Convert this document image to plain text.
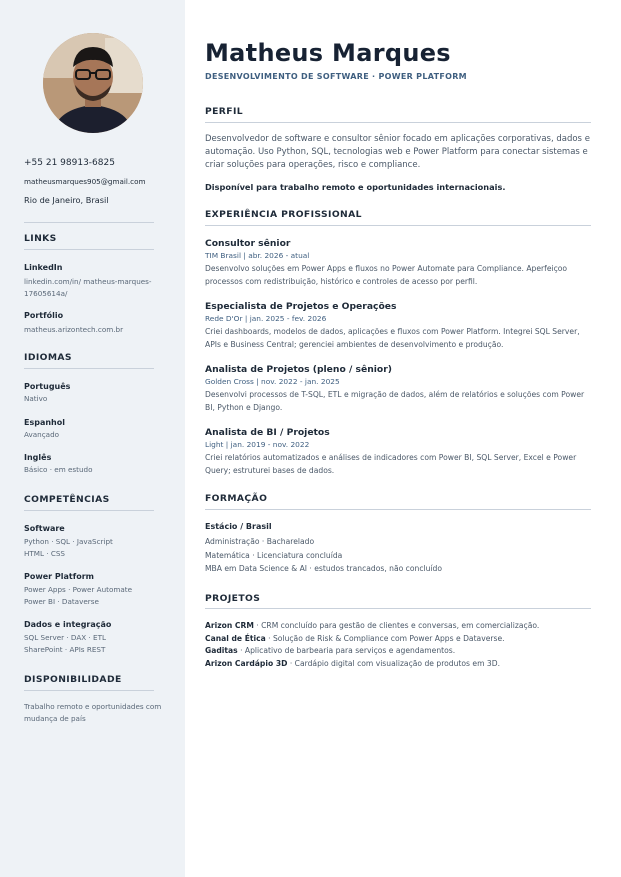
+55 21 98913-6825
matheusmarques905@gmail.com
Rio de Janeiro, Brasil
LINKS
LinkedIn
linkedin.com/in/ matheus-marques-17605614a/
Portfólio
matheus.arizontech.com.br
IDIOMAS
Português
Nativo
Espanhol
Avançado
Inglês
Básico · em estudo
COMPETÊNCIAS
Software
Python · SQL · JavaScript
HTML · CSS
Power Platform
Power Apps · Power Automate
Power BI · Dataverse
Dados e integração
SQL Server · DAX · ETL
SharePoint · APIs REST
DISPONIBILIDADE
Trabalho remoto e oportunidades com mudança de país
Matheus Marques
DESENVOLVIMENTO DE SOFTWARE · POWER PLATFORM
PERFIL
Desenvolvedor de software e consultor sênior focado em aplicações corporativas, dados e automação. Uso Python, SQL, tecnologias web e Power Platform para conectar sistemas e criar soluções para operações, risco e compliance.
Disponível para trabalho remoto e oportunidades internacionais.
EXPERIÊNCIA PROFISSIONAL
Consultor sênior
TIM Brasil | abr. 2026 - atual
Desenvolvo soluções em Power Apps e fluxos no Power Automate para Compliance. Aperfeiçoo processos com redistribuição, histórico e controles de acesso por perfil.
Especialista de Projetos e Operações
Rede D'Or | jan. 2025 - fev. 2026
Criei dashboards, modelos de dados, aplicações e fluxos com Power Platform. Integrei SQL Server, APIs e Business Central; gerenciei ambientes de desenvolvimento e produção.
Analista de Projetos (pleno / sênior)
Golden Cross | nov. 2022 - jan. 2025
Desenvolvi processos de T-SQL, ETL e migração de dados, além de relatórios e soluções com Power BI, Python e Django.
Analista de BI / Projetos
Light | jan. 2019 - nov. 2022
Criei relatórios automatizados e análises de indicadores com Power BI, SQL Server, Excel e Power Query; estruturei bases de dados.
FORMAÇÃO
Estácio / Brasil
Administração · Bacharelado
Matemática · Licenciatura concluída
MBA em Data Science & AI · estudos trancados, não concluído
PROJETOS
Arizon CRM · CRM concluído para gestão de clientes e conversas, em comercialização.
Canal de Ética · Solução de Risk & Compliance com Power Apps e Dataverse.
Gaditas · Aplicativo de barbearia para serviços e agendamentos.
Arizon Cardápio 3D · Cardápio digital com visualização de produtos em 3D.
